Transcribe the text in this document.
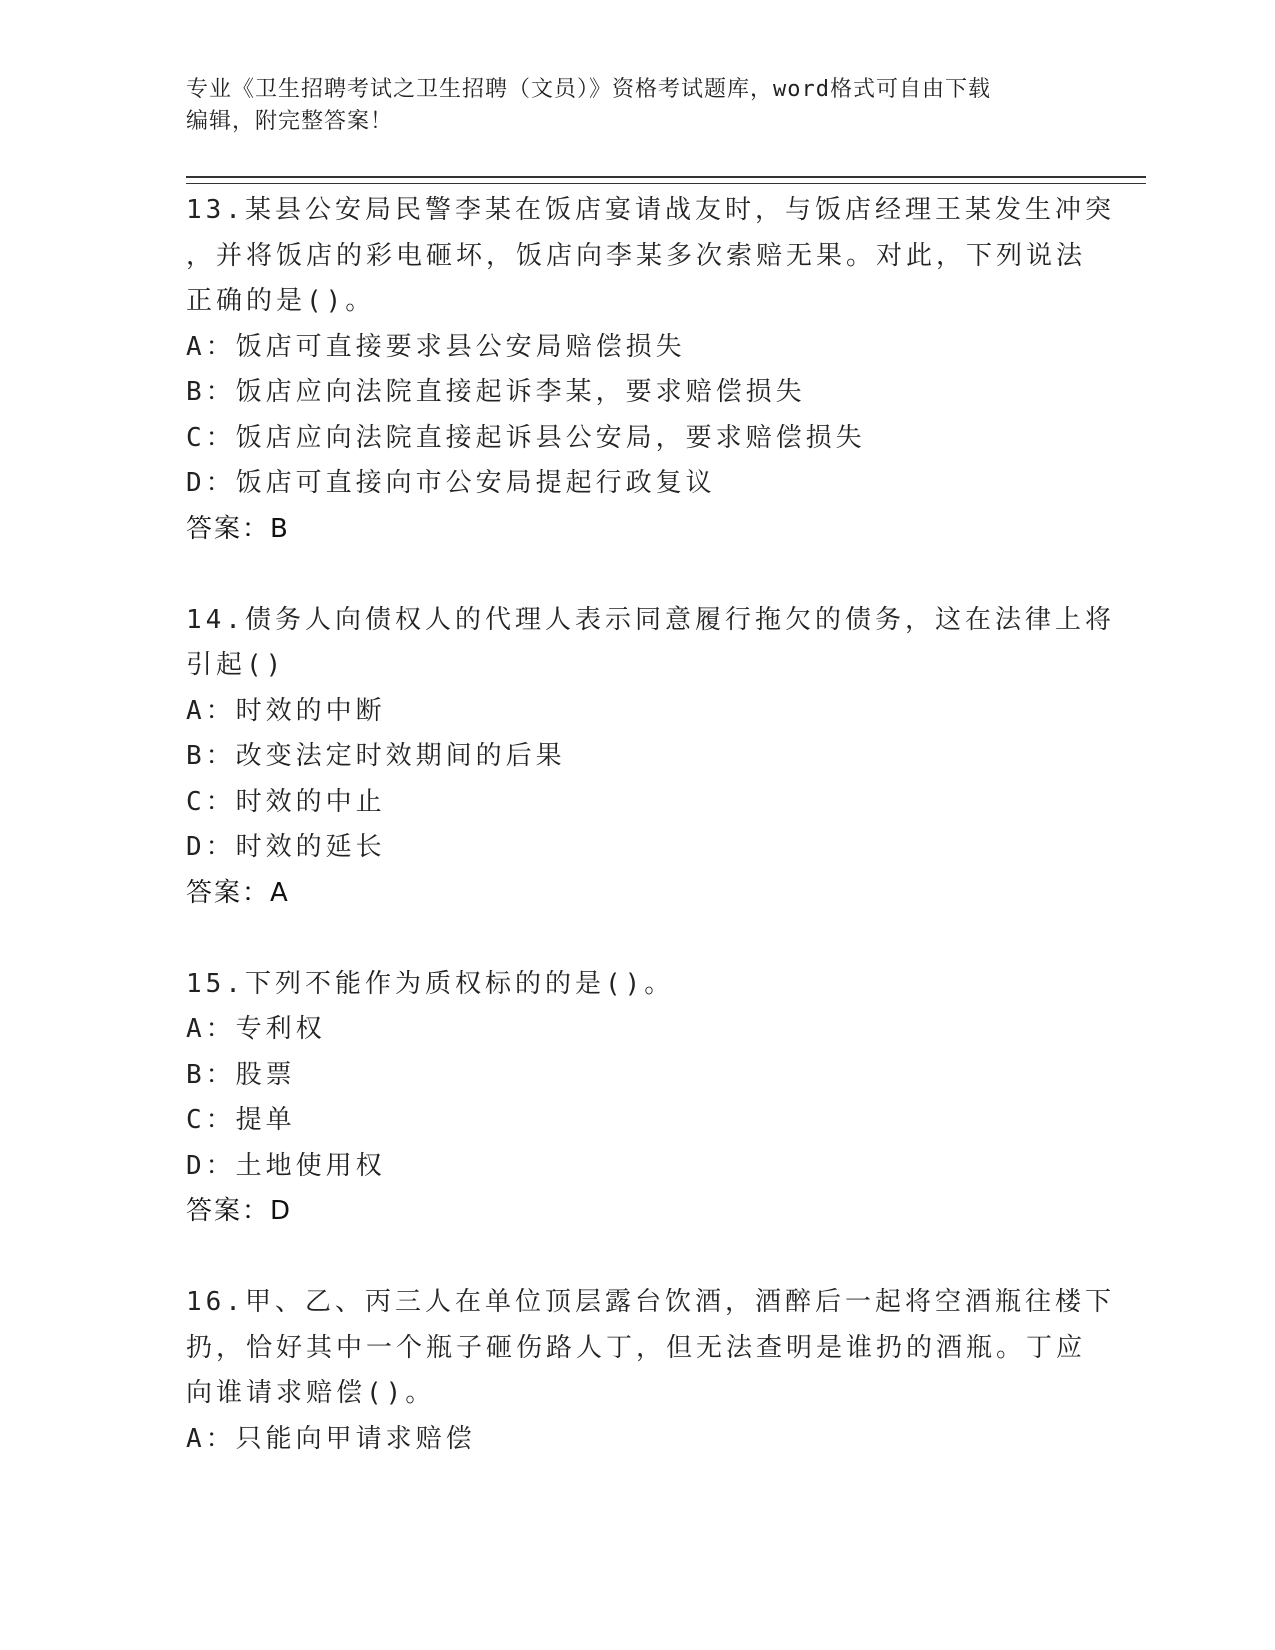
专业《卫生招聘考试之卫生招聘（文员）》资格考试题库，word格式可自由下载
编辑，附完整答案！
13.某县公安局民警李某在饭店宴请战友时，与饭店经理王某发生冲突
，并将饭店的彩电砸坏，饭店向李某多次索赔无果。对此，下列说法
正确的是()。
A：饭店可直接要求县公安局赔偿损失
B：饭店应向法院直接起诉李某，要求赔偿损失
C：饭店应向法院直接起诉县公安局，要求赔偿损失
D：饭店可直接向市公安局提起行政复议
答案：B
14.债务人向债权人的代理人表示同意履行拖欠的债务，这在法律上将
引起()
A：时效的中断
B：改变法定时效期间的后果
C：时效的中止
D：时效的延长
答案：A
15.下列不能作为质权标的的是()。
A：专利权
B：股票
C：提单
D：土地使用权
答案：D
16.甲、乙、丙三人在单位顶层露台饮酒，酒醉后一起将空酒瓶往楼下
扔，恰好其中一个瓶子砸伤路人丁，但无法查明是谁扔的酒瓶。丁应
向谁请求赔偿()。
A：只能向甲请求赔偿
